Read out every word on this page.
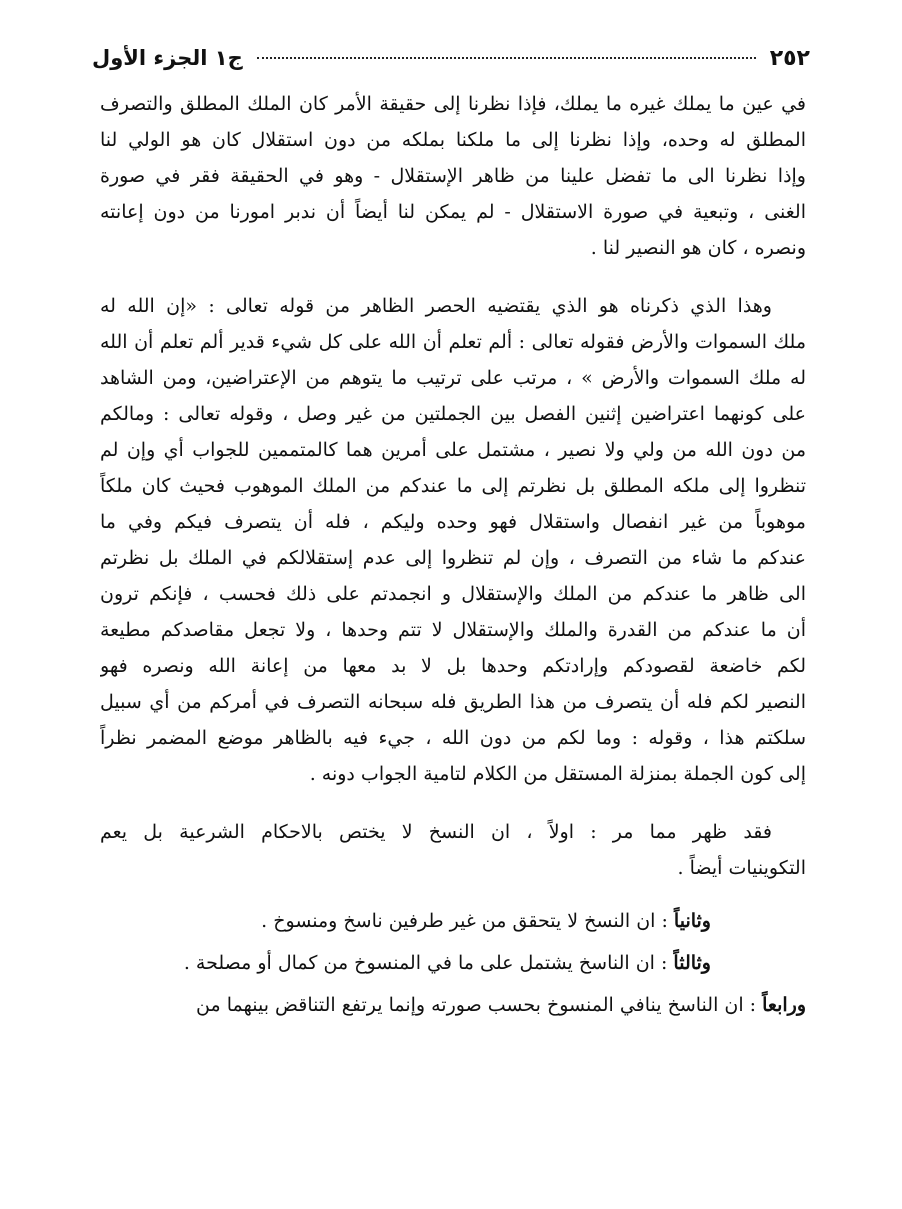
٢٥٢
ج١ الجزء الأول
في عين ما يملك غيره ما يملك، فإذا نظرنا إلى حقيقة الأمر كان الملك المطلق والتصرف
المطلق له وحده، وإذا نظرنا إلى ما ملكنا بملكه من دون استقلال كان هو الولي لنا
وإذا نظرنا الى ما تفضل علينا من ظاهر الإستقلال - وهو في الحقيقة فقر في صورة
الغنى ، وتبعية في صورة الاستقلال - لم يمكن لنا أيضاً أن ندبر امورنا من دون إعانته
ونصره ، كان هو النصير لنا .
وهذا الذي ذكرناه هو الذي يقتضيه الحصر الظاهر من قوله تعالى : «إن الله له
ملك السموات والأرض فقوله تعالى : ألم تعلم أن الله على كل شيء قدير ألم تعلم أن الله
له ملك السموات والأرض » ، مرتب على ترتيب ما يتوهم من الإعتراضين، ومن الشاهد
على كونهما اعتراضين إثنين الفصل بين الجملتين من غير وصل ، وقوله تعالى : ومالكم
من دون الله من ولي ولا نصير ، مشتمل على أمرين هما كالمتممين للجواب أي وإن لم
تنظروا إلى ملكه المطلق بل نظرتم إلى ما عندكم من الملك الموهوب فحيث كان ملكاً
موهوباً من غير انفصال واستقلال فهو وحده وليكم ، فله أن يتصرف فيكم وفي ما
عندكم ما شاء من التصرف ، وإن لم تنظروا إلى عدم إستقلالكم في الملك بل نظرتم
الى ظاهر ما عندكم من الملك والإستقلال و انجمدتم على ذلك فحسب ، فإنكم ترون
أن ما عندكم من القدرة والملك والإستقلال لا تتم وحدها ، ولا تجعل مقاصدكم مطيعة
لكم خاضعة لقصودكم وإرادتكم وحدها بل لا بد معها من إعانة الله ونصره فهو
النصير لكم فله أن يتصرف من هذا الطريق فله سبحانه التصرف في أمركم من أي سبيل
سلكتم هذا ، وقوله : وما لكم من دون الله ، جيء فيه بالظاهر موضع المضمر نظراً
إلى كون الجملة بمنزلة المستقل من الكلام لتامية الجواب دونه .
فقد ظهر مما مر : اولاً ، ان النسخ لا يختص بالاحكام الشرعية بل يعم
التكوينيات أيضاً .
وثانياً : ان النسخ لا يتحقق من غير طرفين ناسخ ومنسوخ .
وثالثاً : ان الناسخ يشتمل على ما في المنسوخ من كمال أو مصلحة .
ورابعاً : ان الناسخ ينافي المنسوخ بحسب صورته وإنما يرتفع التناقض بينهما من
